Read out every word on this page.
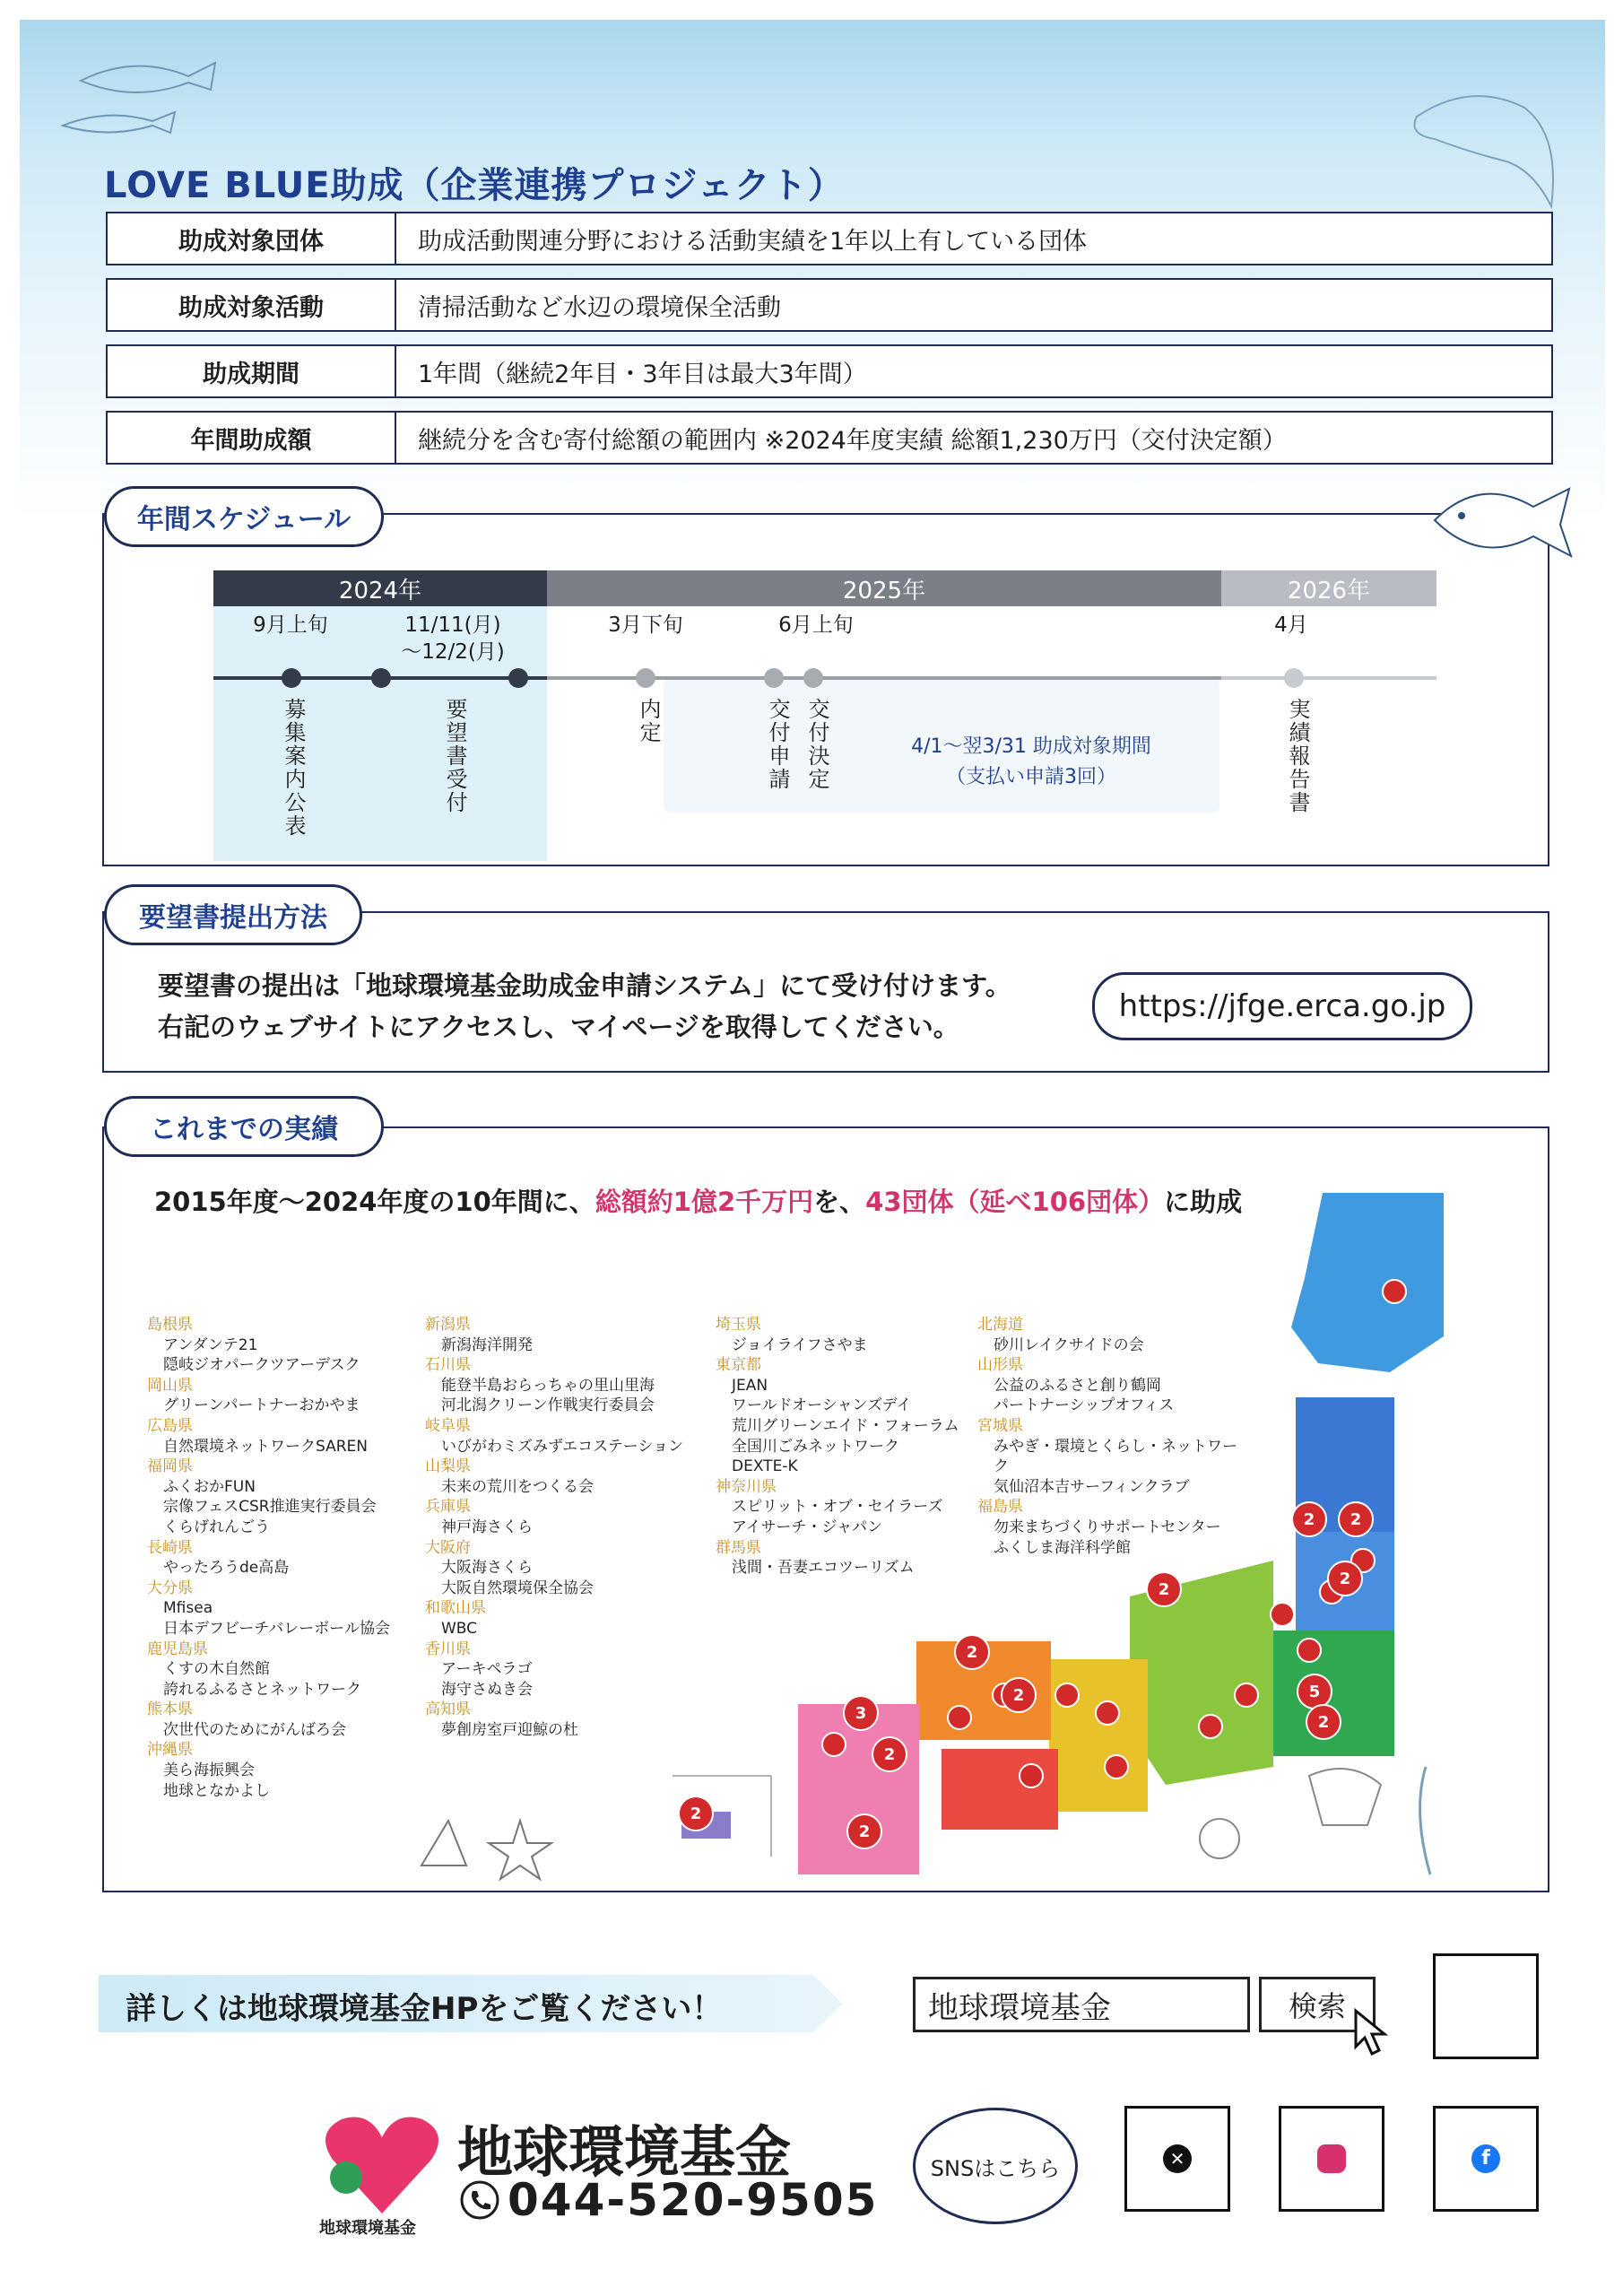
LOVE BLUE助成（企業連携プロジェクト）
助成対象団体	助成活動関連分野における活動実績を1年以上有している団体
助成対象活動	清掃活動など水辺の環境保全活動
助成期間	1年間（継続2年目・3年目は最大3年間）
年間助成額	継続分を含む寄付総額の範囲内 ※2024年度実績 総額1,230万円（交付決定額）
年間スケジュール
2024年	2025年	2026年
9月上旬	11/11(月)
～12/2(月)
3月下旬	6月上旬	4月
募集案内公表	要望書受付	内定	交付申請 交付決定	実績報告書
4/1～翌3/31 助成対象期間
（支払い申請3回）
要望書提出方法
要望書の提出は「地球環境基金助成金申請システム」にて受け付けます。
右記のウェブサイトにアクセスし、マイページを取得してください。
https://jfge.erca.go.jp
これまでの実績
2015年度～2024年度の10年間に、総額約1億2千万円を、43団体（延べ106団体）に助成
島根県
アンダンテ21
隠岐ジオパークツアーデスク
岡山県
グリーンパートナーおかやま
広島県
自然環境ネットワークSAREN
福岡県
ふくおかFUN
宗像フェスCSR推進実行委員会
くらげれんごう
長崎県
やったろうde高島
大分県
Mfisea
日本デフビーチバレーボール協会
鹿児島県
くすの木自然館
誇れるふるさとネットワーク
熊本県
次世代のためにがんばろ会
沖縄県
美ら海振興会
地球となかよし
新潟県
新潟海洋開発
石川県
能登半島おらっちゃの里山里海
河北潟クリーン作戦実行委員会
岐阜県
いびがわミズみずエコステーション
山梨県
未来の荒川をつくる会
兵庫県
神戸海さくら
大阪府
大阪海さくら
大阪自然環境保全協会
和歌山県
WBC
香川県
アーキペラゴ
海守さぬき会
高知県
夢創房室戸迎鯨の杜
埼玉県
ジョイライフさやま
東京都
JEAN
ワールドオーシャンズデイ
荒川グリーンエイド・フォーラム
全国川ごみネットワーク
DEXTE-K
神奈川県
スピリット・オブ・セイラーズ
アイサーチ・ジャパン
群馬県
浅間・吾妻エコツーリズム
北海道
砂川レイクサイドの会
山形県
公益のふるさと創り鶴岡
パートナーシップオフィス
宮城県
みやぎ・環境とくらし・ネットワーク
気仙沼本吉サーフィンクラブ
福島県
勿来まちづくりサポートセンター
ふくしま海洋科学館
2	2
2
2
2
2
3
2
2
2
5
2
詳しくは地球環境基金HPをご覧ください！	地球環境基金	検索
地球環境基金
地球環境基金
044-520-9505
SNSはこちら	✕	f
